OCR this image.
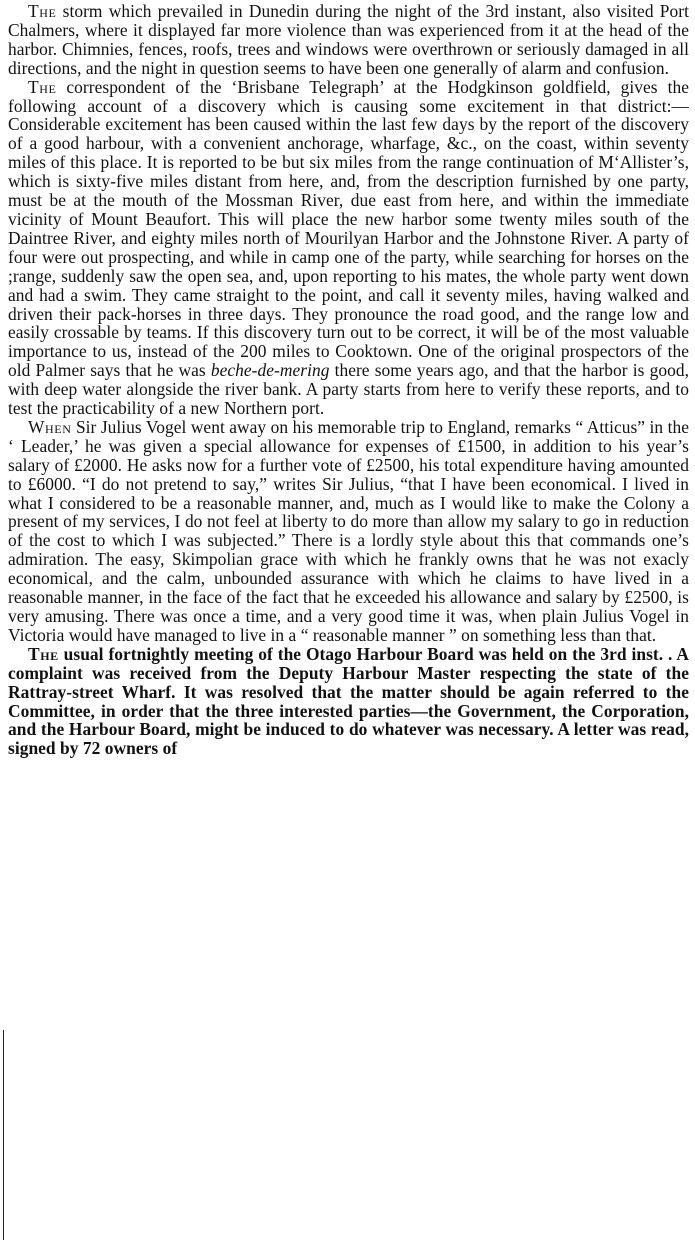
The storm which prevailed in Dunedin during the night of the 3rd instant, also visited Port Chalmers, where it displayed far more violence than was experienced from it at the head of the harbor. Chimnies, fences, roofs, trees and windows were overthrown or seriously damaged in all directions, and the night in question seems to have been one generally of alarm and confusion.

The correspondent of the ‘Brisbane Telegraph’ at the Hodgkinson goldfield, gives the following account of a discovery which is causing some excitement in that district:—Considerable excitement has been caused within the last few days by the report of the discovery of a good harbour, with a convenient anchorage, wharfage, &c., on the coast, within seventy miles of this place. It is reported to be but six miles from the range continuation of M‘Allister’s, which is sixty-five miles distant from here, and, from the description furnished by one party, must be at the mouth of the Mossman River, due east from here, and within the immediate vicinity of Mount Beaufort. This will place the new harbor some twenty miles south of the Daintree River, and eighty miles north of Mourilyan Harbor and the Johnstone River. A party of four were out prospecting, and while in camp one of the party, while searching for horses on the ;range, suddenly saw the open sea, and, upon reporting to his mates, the whole party went down and had a swim. They came straight to the point, and call it seventy miles, having walked and driven their pack-horses in three days. They pronounce the road good, and the range low and easily crossable by teams. If this discovery turn out to be correct, it will be of the most valuable importance to us, instead of the 200 miles to Cooktown. One of the original prospectors of the old Palmer says that he was beche-de-mering there some years ago, and that the harbor is good, with deep water alongside the river bank. A party starts from here to verify these reports, and to test the practicability of a new Northern port.

When Sir Julius Vogel went away on his memorable trip to England, remarks “ Atticus” in the ‘ Leader,’ he was given a special allowance for expenses of £1500, in addition to his year’s salary of £2000. He asks now for a further vote of £2500, his total expenditure having amounted to £6000. “I do not pretend to say,” writes Sir Julius, “that I have been economical. I lived in what I considered to be a reasonable manner, and, much as I would like to make the Colony a present of my services, I do not feel at liberty to do more than allow my salary to go in reduction of the cost to which I was subjected.” There is a lordly style about this that commands one’s admiration. The easy, Skimpolian grace with which he frankly owns that he was not exacly economical, and the calm, unbounded assurance with which he claims to have lived in a reasonable manner, in the face of the fact that he exceeded his allowance and salary by £2500, is very amusing. There was once a time, and a very good time it was, when plain Julius Vogel in Victoria would have managed to live in a “ reasonable manner ” on something less than that.

The usual fortnightly meeting of the Otago Harbour Board was held on the 3rd inst. . A complaint was received from the Deputy Harbour Master respecting the state of the Rattray-street Wharf. It was resolved that the matter should be again referred to the Committee, in order that the three interested parties—the Government, the Corporation, and the Harbour Board, might be induced to do whatever was necessary. A letter was read, signed by 72 owners of
